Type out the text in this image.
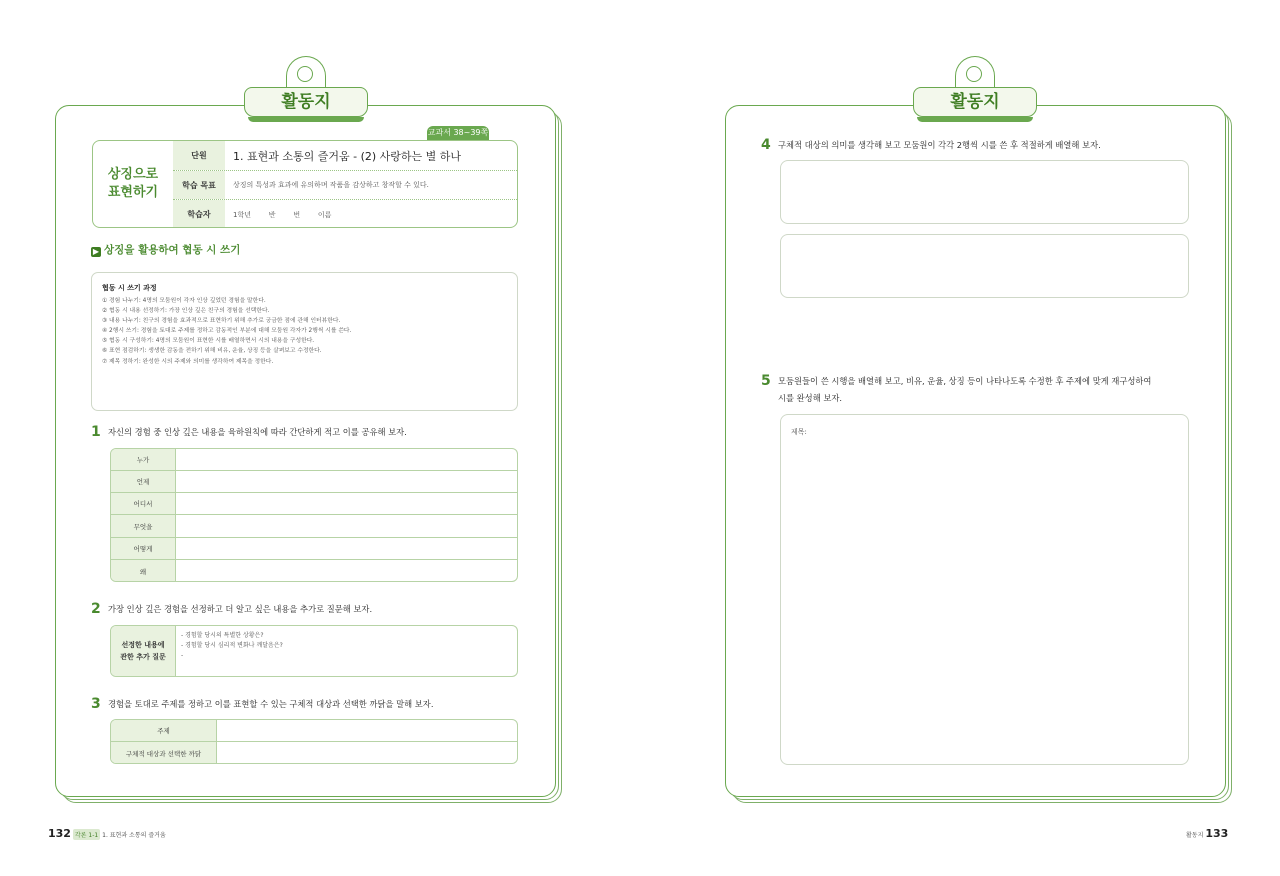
활동지
교과서 38~39쪽
상징으로
표현하기
단원	1. 표현과 소통의 즐거움 - (2) 사랑하는 별 하나
학습 목표	상징의 특성과 효과에 유의하며 작품을 감상하고 창작할 수 있다.
학습자	1학년        반        번        이름
▶ 상징을 활용하여 협동 시 쓰기
협동 시 쓰기 과정
① 경험 나누기: 4명의 모둠원이 각자 인상 깊었던 경험을 말한다.
② 협동 시 내용 선정하기: 가장 인상 깊은 친구의 경험을 선택한다.
③ 내용 나누기: 친구의 경험을 효과적으로 표현하기 위해 추가로 궁금한 점에 관해 인터뷰한다.
④ 2행시 쓰기: 경험을 토대로 주제를 정하고 감동적인 부분에 대해 모둠원 각자가 2행씩 시를 쓴다.
⑤ 협동 시 구성하기: 4명의 모둠원이 표현한 시를 배열하면서 시의 내용을 구성한다.
⑥ 표현 점검하기: 생생한 감동을 전하기 위해 비유, 운율, 상징 등을 살펴보고 수정한다.
⑦ 제목 정하기: 완성한 시의 주제와 의미를 생각하여 제목을 정한다.
1 자신의 경험 중 인상 깊은 내용을 육하원칙에 따라 간단하게 적고 이를 공유해 보자.
누가
언제
어디서
무엇을
어떻게
왜
2 가장 인상 깊은 경험을 선정하고 더 알고 싶은 내용을 추가로 질문해 보자.
선정한 내용에
관한 추가 질문
- 경험할 당시의 특별한 상황은?
- 경험할 당시 심리적 변화나 깨달음은?
-
3 경험을 토대로 주제를 정하고 이를 표현할 수 있는 구체적 대상과 선택한 까닭을 말해 보자.
주제
구체적 대상과 선택한 까닭
132 각론 1-1 1. 표현과 소통의 즐거움
활동지
4 구체적 대상의 의미를 생각해 보고 모둠원이 각각 2행씩 시를 쓴 후 적절하게 배열해 보자.
5 모둠원들이 쓴 시행을 배열해 보고, 비유, 운율, 상징 등이 나타나도록 수정한 후 주제에 맞게 재구성하여
시를 완성해 보자.
제목:
활동지 133
